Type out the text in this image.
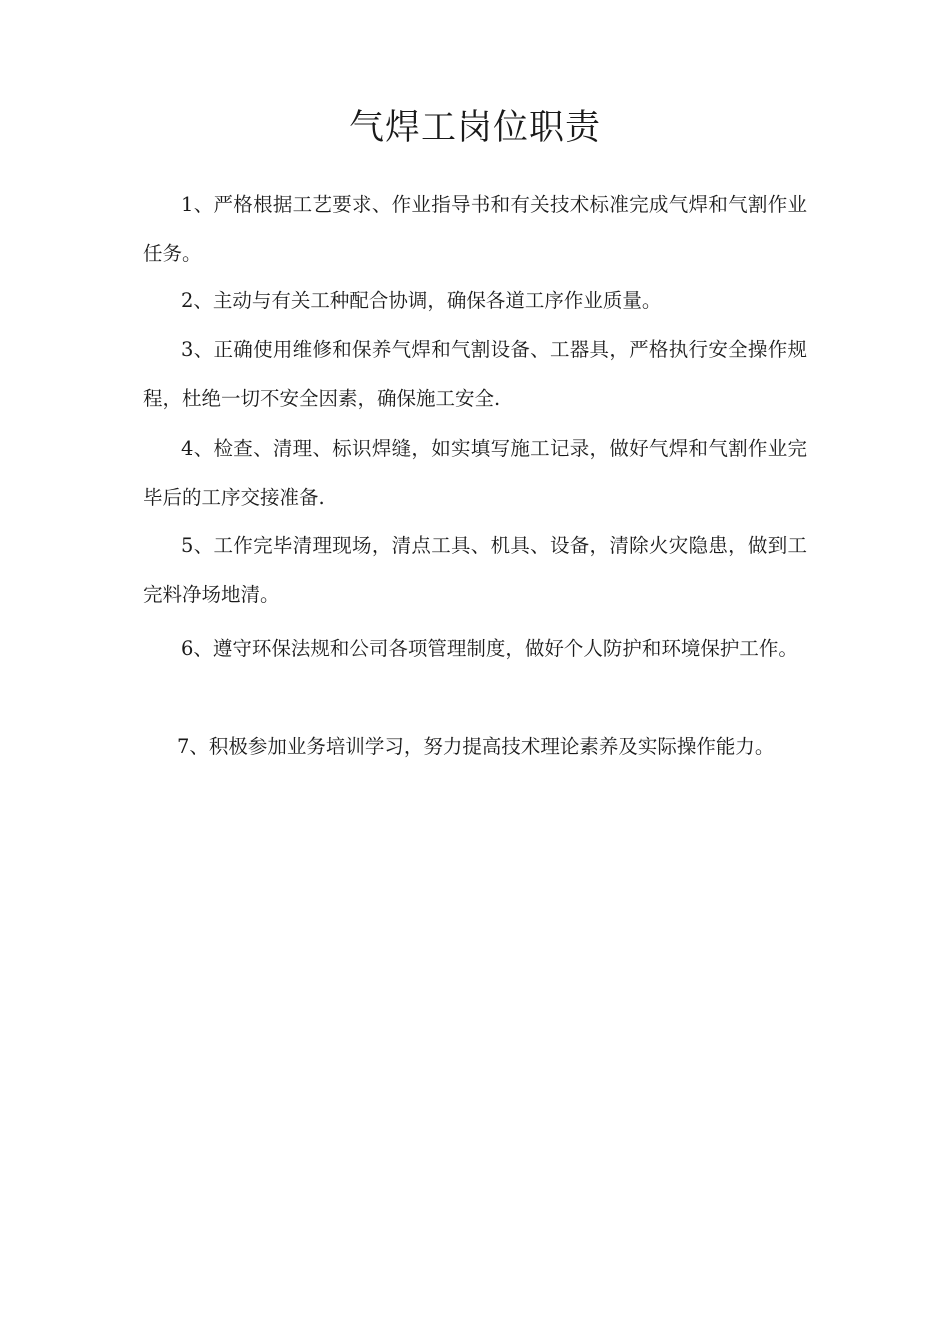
气焊工岗位职责

1、严格根据工艺要求、作业指导书和有关技术标准完成气焊和气割作业任务。

2、主动与有关工种配合协调，确保各道工序作业质量。

3、正确使用维修和保养气焊和气割设备、工器具，严格执行安全操作规程，杜绝一切不安全因素，确保施工安全.

4、检查、清理、标识焊缝，如实填写施工记录，做好气焊和气割作业完毕后的工序交接准备.

5、工作完毕清理现场，清点工具、机具、设备，清除火灾隐患，做到工完料净场地清。

6、遵守环保法规和公司各项管理制度，做好个人防护和环境保护工作。

7、积极参加业务培训学习，努力提高技术理论素养及实际操作能力。
